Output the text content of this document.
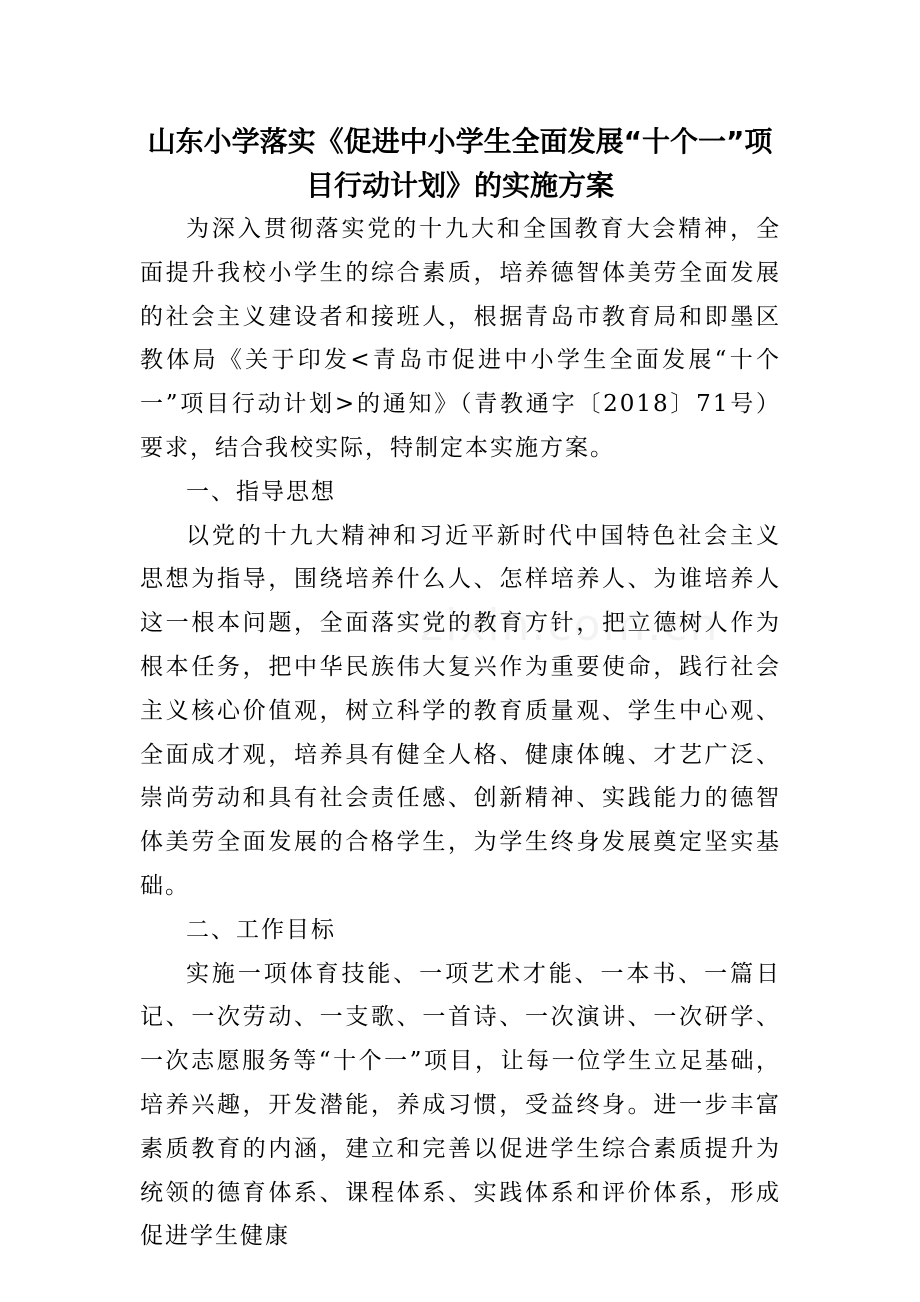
山东小学落实《促进中小学生全面发展“十个一”项目行动计划》的实施方案

为深入贯彻落实党的十九大和全国教育大会精神，全面提升我校小学生的综合素质，培养德智体美劳全面发展的社会主义建设者和接班人，根据青岛市教育局和即墨区教体局《关于印发<青岛市促进中小学生全面发展“十个一”项目行动计划>的通知》（青教通字〔2018〕71号）要求，结合我校实际，特制定本实施方案。

一、指导思想

以党的十九大精神和习近平新时代中国特色社会主义思想为指导，围绕培养什么人、怎样培养人、为谁培养人这一根本问题，全面落实党的教育方针，把立德树人作为根本任务，把中华民族伟大复兴作为重要使命，践行社会主义核心价值观，树立科学的教育质量观、学生中心观、全面成才观，培养具有健全人格、健康体魄、才艺广泛、崇尚劳动和具有社会责任感、创新精神、实践能力的德智体美劳全面发展的合格学生，为学生终身发展奠定坚实基础。

二、工作目标

实施一项体育技能、一项艺术才能、一本书、一篇日记、一次劳动、一支歌、一首诗、一次演讲、一次研学、一次志愿服务等“十个一”项目，让每一位学生立足基础，培养兴趣，开发潜能，养成习惯，受益终身。进一步丰富素质教育的内涵，建立和完善以促进学生综合素质提升为统领的德育体系、课程体系、实践体系和评价体系，形成促进学生健康
